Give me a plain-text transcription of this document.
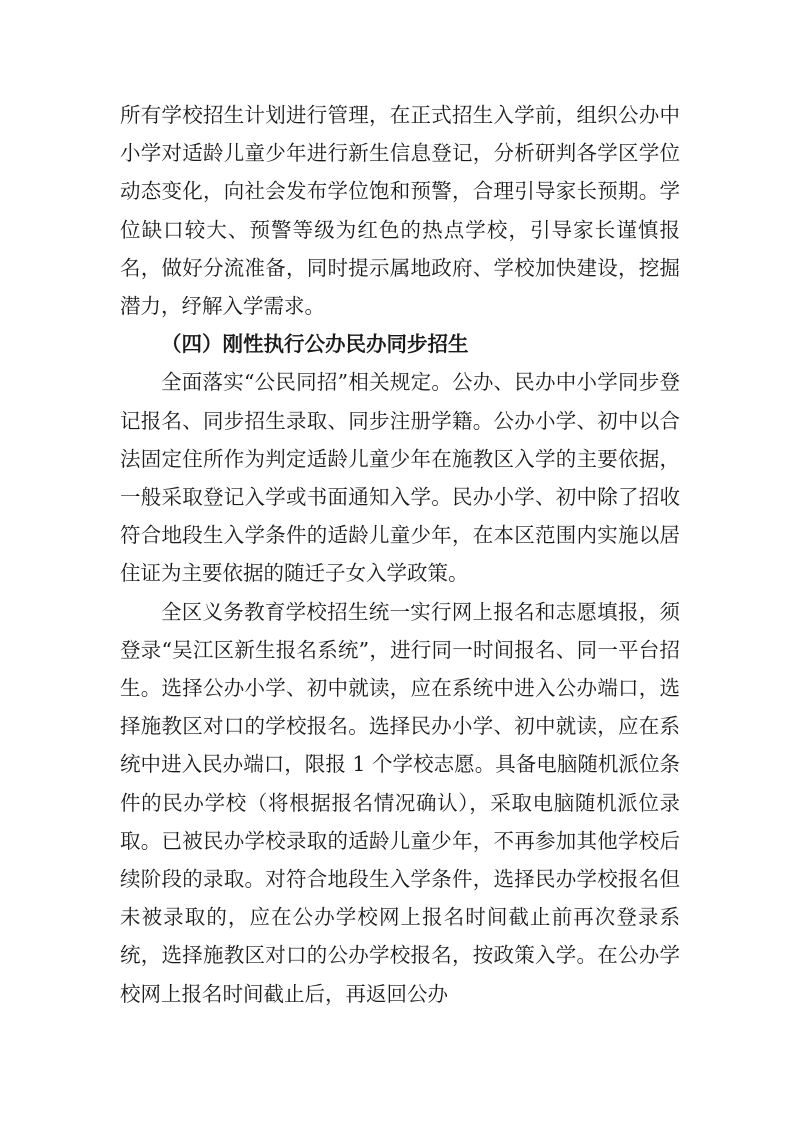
所有学校招生计划进行管理，在正式招生入学前，组织公办中小学对适龄儿童少年进行新生信息登记，分析研判各学区学位动态变化，向社会发布学位饱和预警，合理引导家长预期。学位缺口较大、预警等级为红色的热点学校，引导家长谨慎报名，做好分流准备，同时提示属地政府、学校加快建设，挖掘潜力，纾解入学需求。

（四）刚性执行公办民办同步招生

全面落实“公民同招”相关规定。公办、民办中小学同步登记报名、同步招生录取、同步注册学籍。公办小学、初中以合法固定住所作为判定适龄儿童少年在施教区入学的主要依据，一般采取登记入学或书面通知入学。民办小学、初中除了招收符合地段生入学条件的适龄儿童少年，在本区范围内实施以居住证为主要依据的随迁子女入学政策。

全区义务教育学校招生统一实行网上报名和志愿填报，须登录“吴江区新生报名系统”，进行同一时间报名、同一平台招生。选择公办小学、初中就读，应在系统中进入公办端口，选择施教区对口的学校报名。选择民办小学、初中就读，应在系统中进入民办端口，限报 1 个学校志愿。具备电脑随机派位条件的民办学校（将根据报名情况确认），采取电脑随机派位录取。已被民办学校录取的适龄儿童少年，不再参加其他学校后续阶段的录取。对符合地段生入学条件，选择民办学校报名但未被录取的，应在公办学校网上报名时间截止前再次登录系统，选择施教区对口的公办学校报名，按政策入学。在公办学校网上报名时间截止后，再返回公办
